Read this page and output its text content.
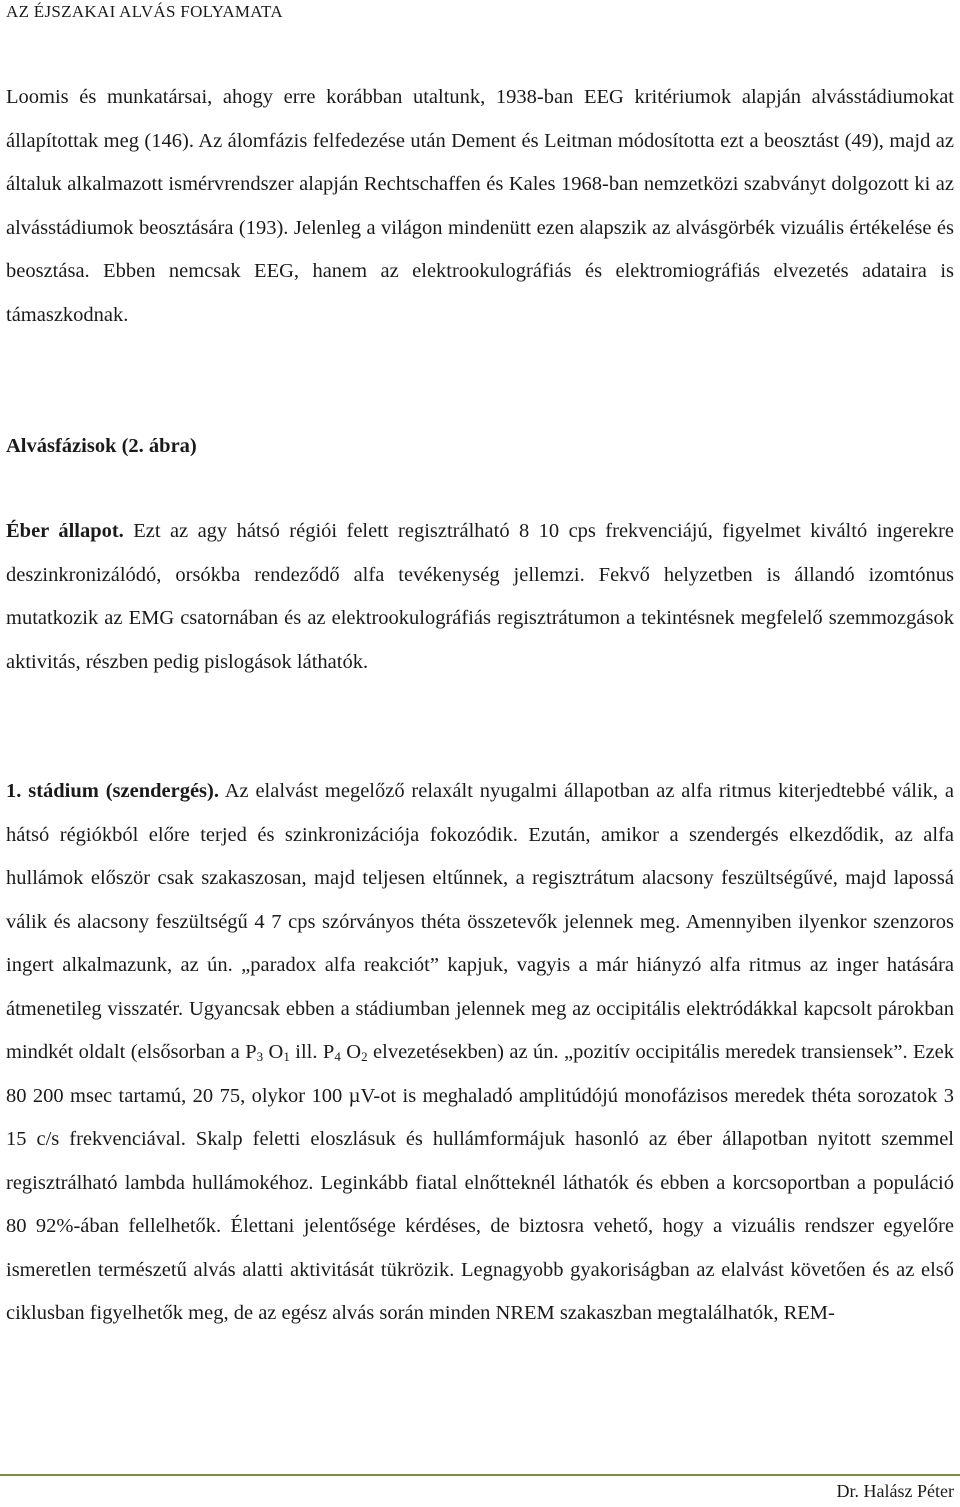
AZ ÉJSZAKAI ALVÁS FOLYAMATA

Loomis és munkatársai, ahogy erre korábban utaltunk, 1938-ban EEG kritériumok alapján alvásstádiumokat állapítottak meg (146). Az álomfázis felfedezése után Dement és Leitman módosította ezt a beosztást (49), majd az általuk alkalmazott ismérvrendszer alapján Rechtschaffen és Kales 1968-ban nemzetközi szabványt dolgozott ki az alvásstádiumok beosztására (193). Jelenleg a világon mindenütt ezen alapszik az alvásgörbék vizuális értékelése és beosztása. Ebben nemcsak EEG, hanem az elektrookulográfiás és elektromiográfiás elvezetés adataira is támaszkodnak.

Alvásfázisok (2. ábra)

Éber állapot. Ezt az agy hátsó régiói felett regisztrálható 8 10 cps frekvenciájú, figyelmet kiváltó ingerekre deszinkronizálódó, orsókba rendeződő alfa tevékenység jellemzi. Fekvő helyzetben is állandó izomtónus mutatkozik az EMG csatornában és az elektrookulográfiás regisztrátumon a tekintésnek megfelelő szemmozgások aktivitás, részben pedig pislogások láthatók.

1. stádium (szendergés). Az elalvást megelőző relaxált nyugalmi állapotban az alfa ritmus kiterjedtebbé válik, a hátsó régiókból előre terjed és szinkronizációja fokozódik. Ezután, amikor a szendergés elkezdődik, az alfa hullámok először csak szakaszosan, majd teljesen eltűnnek, a regisztrátum alacsony feszültségűvé, majd lapossá válik és alacsony feszültségű 4 7 cps szórványos théta összetevők jelennek meg. Amennyiben ilyenkor szenzoros ingert alkalmazunk, az ún. „paradox alfa reakciót” kapjuk, vagyis a már hiányzó alfa ritmus az inger hatására átmenetileg visszatér. Ugyancsak ebben a stádiumban jelennek meg az occipitális elektródákkal kapcsolt párokban mindkét oldalt (elsősorban a $P_3$ $O_1$ ill. $P_4$ $O_2$ elvezetésekben) az ún. „pozitív occipitális meredek transiensek”. Ezek 80 200 msec tartamú, 20 75, olykor 100 µV-ot is meghaladó amplitúdójú monofázisos meredek théta sorozatok 3 15 c/s frekvenciával. Skalp feletti eloszlásuk és hullámformájuk hasonló az éber állapotban nyitott szemmel regisztrálható lambda hullámokéhoz. Leginkább fiatal elnőtteknél láthatók és ebben a korcsoportban a populáció 80 92%-ában fellelhetők. Élettani jelentősége kérdéses, de biztosra vehető, hogy a vizuális rendszer egyelőre ismeretlen természetű alvás alatti aktivitását tükrözik. Legnagyobb gyakoriságban az elalvást követően és az első ciklusban figyelhetők meg, de az egész alvás során minden NREM szakaszban megtalálhatók, REM-

Dr. Halász Péter
